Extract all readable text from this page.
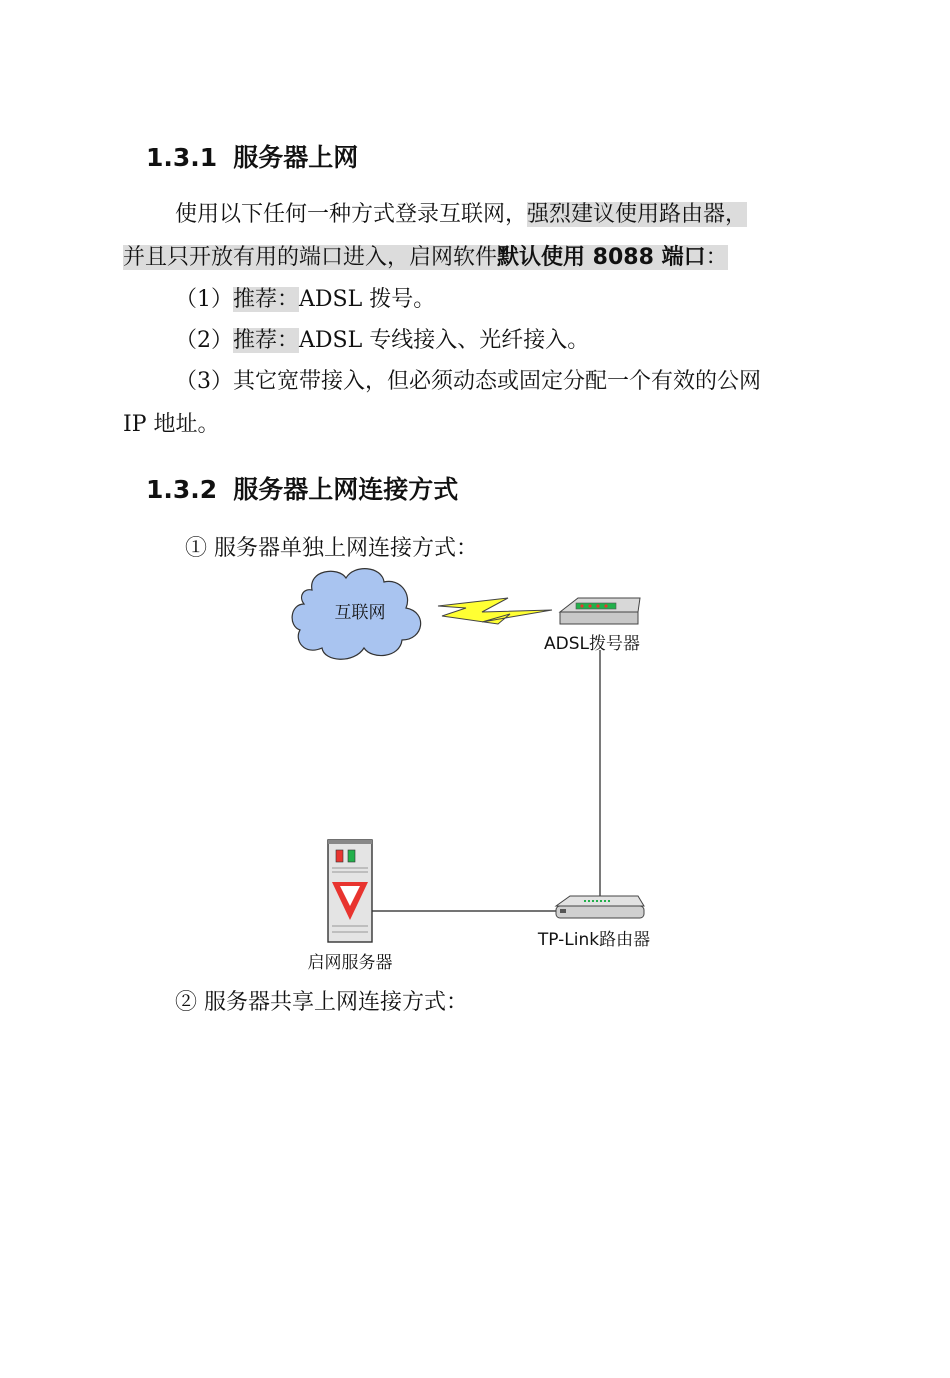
1.3.1 服务器上网

使用以下任何一种方式登录互联网，强烈建议使用路由器，

并且只开放有用的端口进入，启网软件默认使用 8088 端口：

（1）推荐：ADSL 拨号。

（2）推荐：ADSL 专线接入、光纤接入。

（3）其它宽带接入，但必须动态或固定分配一个有效的公网

IP 地址。

1.3.2 服务器上网连接方式

① 服务器单独上网连接方式：

互联网
ADSL拨号器
启网服务器
TP-Link路由器

② 服务器共享上网连接方式：
